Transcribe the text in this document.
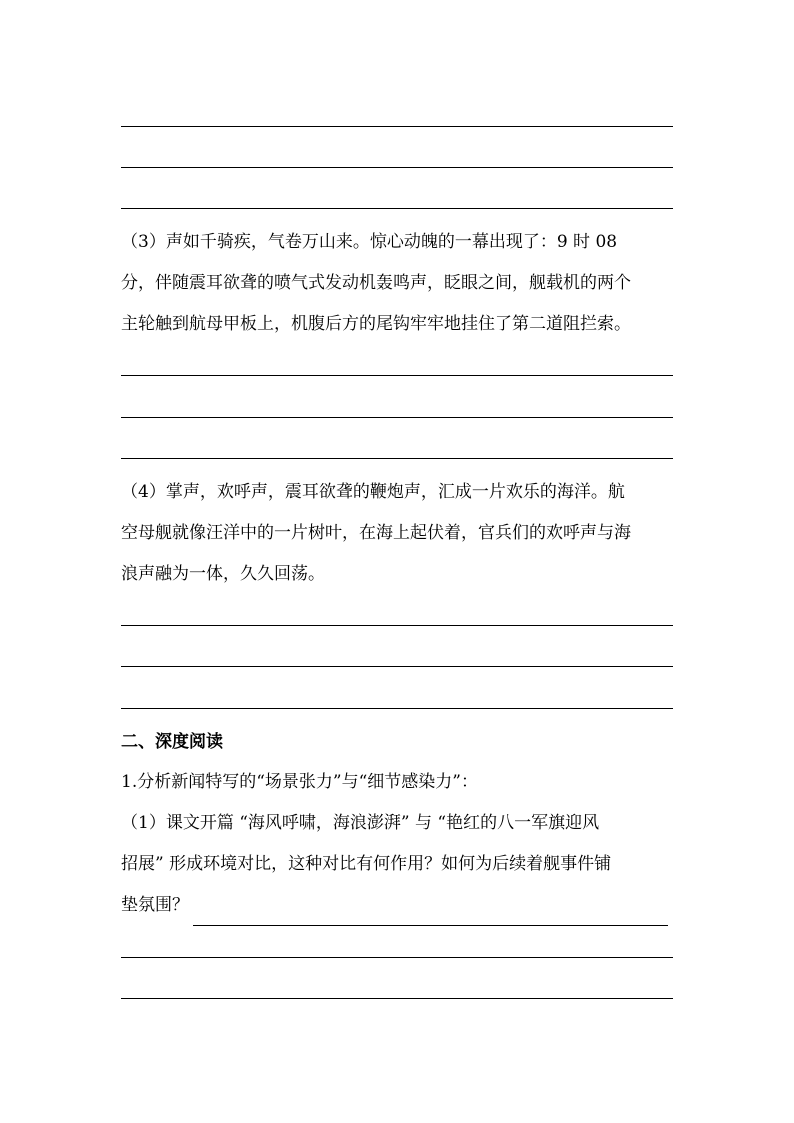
（3）声如千骑疾，气卷万山来。惊心动魄的一幕出现了：9 时 08
分，伴随震耳欲聋的喷气式发动机轰鸣声，眨眼之间，舰载机的两个
主轮触到航母甲板上，机腹后方的尾钩牢牢地挂住了第二道阻拦索。
（4）掌声，欢呼声，震耳欲聋的鞭炮声，汇成一片欢乐的海洋。航
空母舰就像汪洋中的一片树叶，在海上起伏着，官兵们的欢呼声与海
浪声融为一体，久久回荡。
二、深度阅读
1.分析新闻特写的“场景张力”与“细节感染力”：
（1）课文开篇 “海风呼啸，海浪澎湃” 与 “艳红的八一军旗迎风
招展” 形成环境对比，这种对比有何作用？如何为后续着舰事件铺
垫氛围？
